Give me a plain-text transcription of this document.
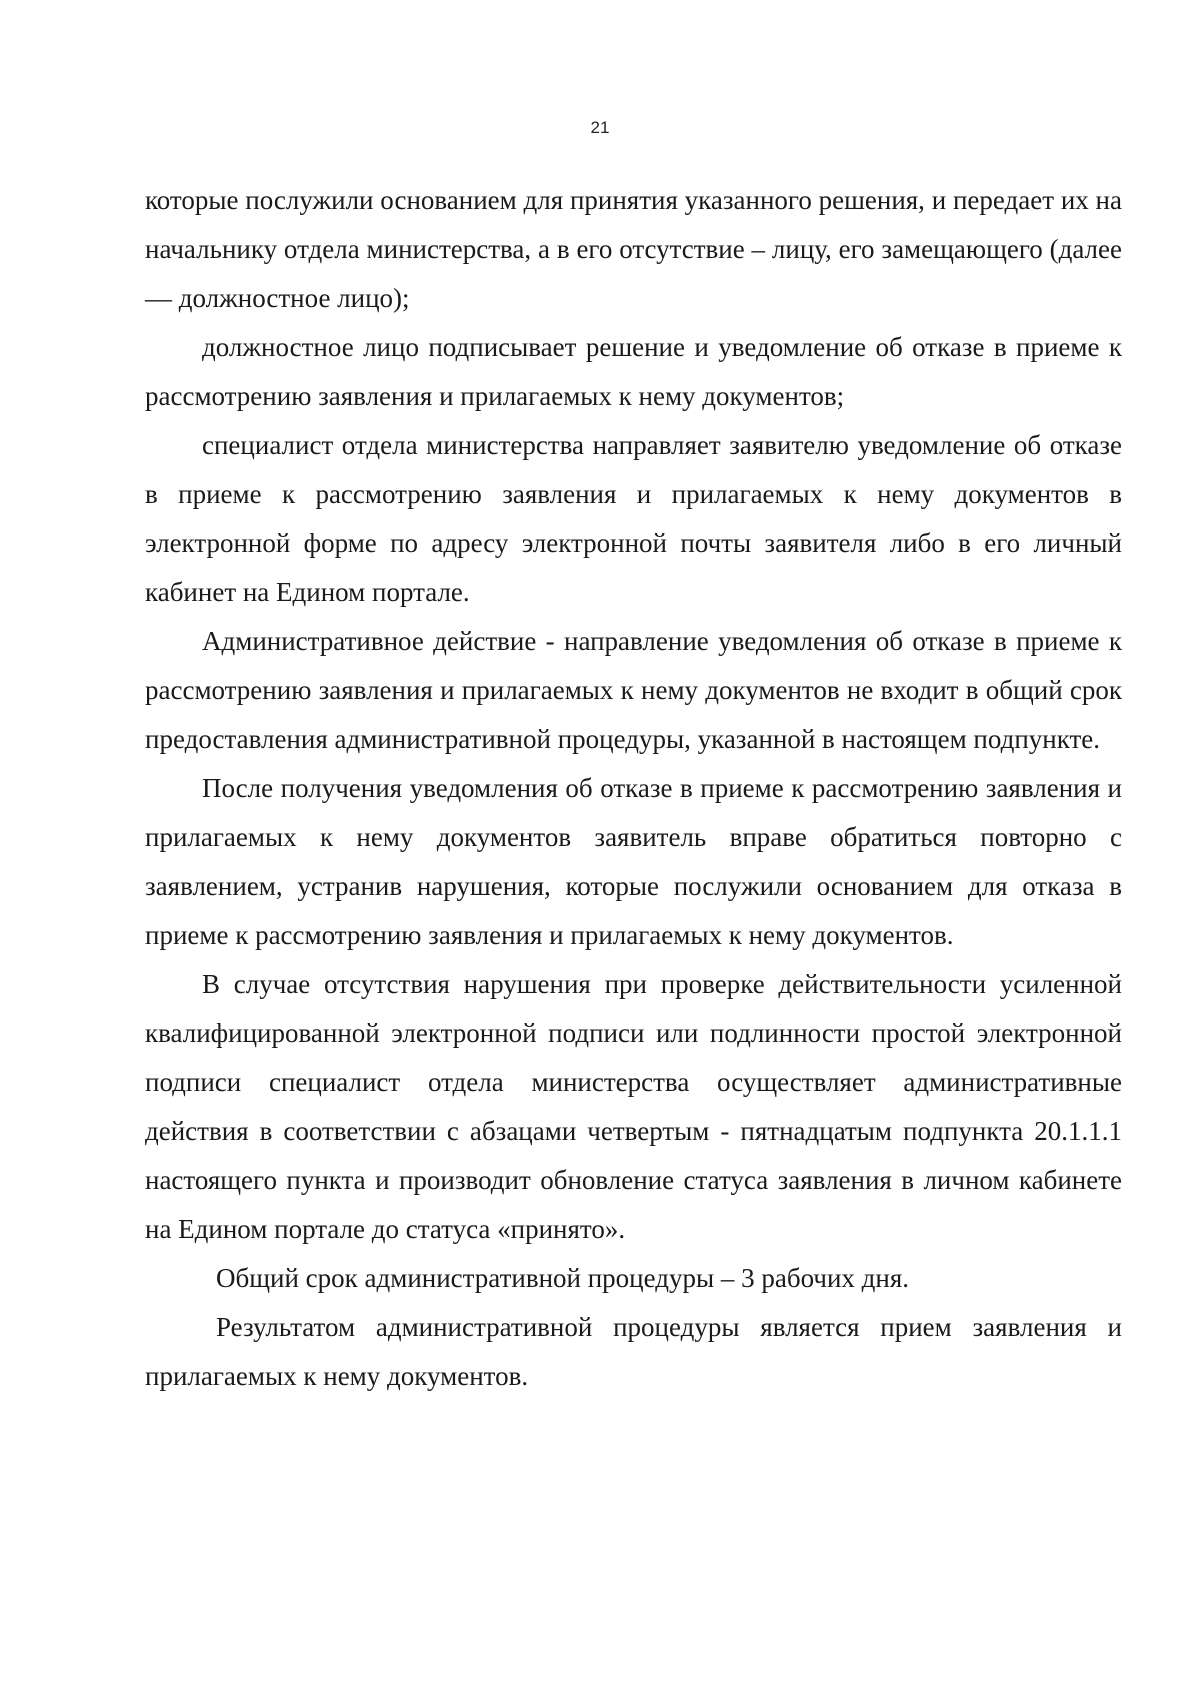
21

которые послужили основанием для принятия указанного решения, и передает их на начальнику отдела министерства, а в его отсутствие – лицу, его замещающего (далее — должностное лицо);

должностное лицо подписывает решение и уведомление об отказе в приеме к рассмотрению заявления и прилагаемых к нему документов;

специалист отдела министерства направляет заявителю уведомление об отказе в приеме к рассмотрению заявления и прилагаемых к нему документов в электронной форме по адресу электронной почты заявителя либо в его личный кабинет на Едином портале.

Административное действие - направление уведомления об отказе в приеме к рассмотрению заявления и прилагаемых к нему документов не входит в общий срок предоставления административной процедуры, указанной в настоящем подпункте.

После получения уведомления об отказе в приеме к рассмотрению заявления и прилагаемых к нему документов заявитель вправе обратиться повторно с заявлением, устранив нарушения, которые послужили основанием для отказа в приеме к рассмотрению заявления и прилагаемых к нему документов.

В случае отсутствия нарушения при проверке действительности усиленной квалифицированной электронной подписи или подлинности простой электронной подписи специалист отдела министерства осуществляет административные действия в соответствии с абзацами четвертым - пятнадцатым подпункта 20.1.1.1 настоящего пункта и производит обновление статуса заявления в личном кабинете на Едином портале до статуса «принято».

Общий срок административной процедуры – 3 рабочих дня.

Результатом административной процедуры является прием заявления и прилагаемых к нему документов.
